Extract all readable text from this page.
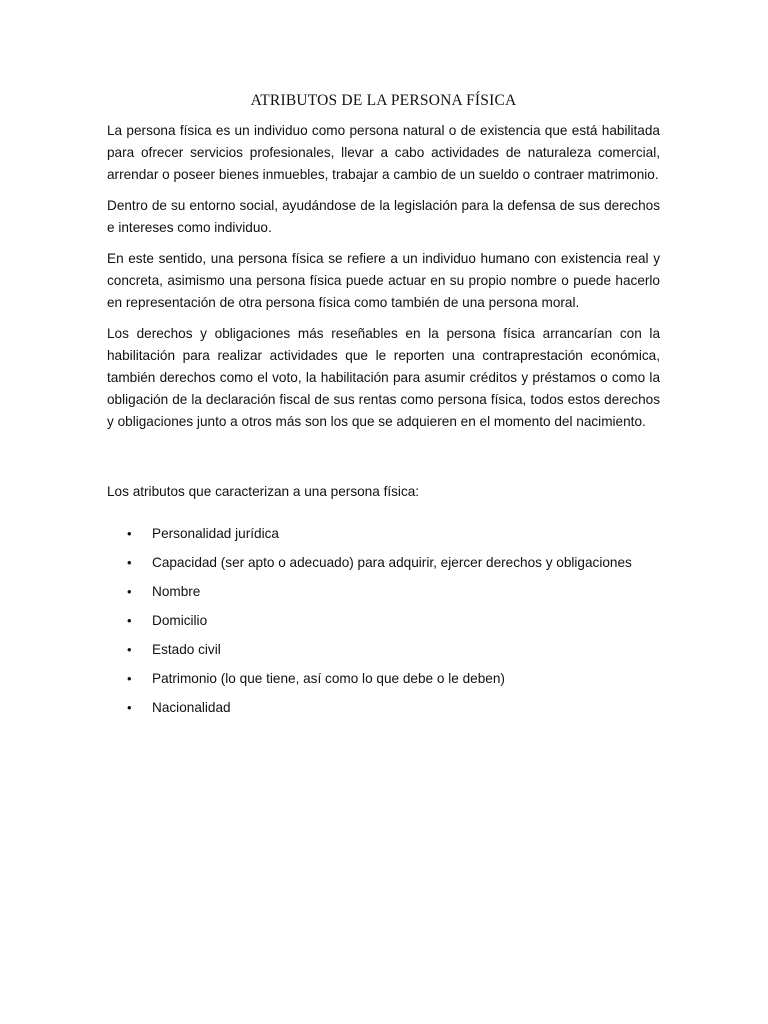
ATRIBUTOS DE LA PERSONA FÍSICA

La persona física es un individuo como persona natural o de existencia que está habilitada para ofrecer servicios profesionales, llevar a cabo actividades de naturaleza comercial, arrendar o poseer bienes inmuebles, trabajar a cambio de un sueldo o contraer matrimonio.

Dentro de su entorno social, ayudándose de la legislación para la defensa de sus derechos e intereses como individuo.

En este sentido, una persona física se refiere a un individuo humano con existencia real y concreta, asimismo una persona física puede actuar en su propio nombre o puede hacerlo en representación de otra persona física como también de una persona moral.

Los derechos y obligaciones más reseñables en la persona física arrancarían con la habilitación para realizar actividades que le reporten una contraprestación económica, también derechos como el voto, la habilitación para asumir créditos y préstamos o como la obligación de la declaración fiscal de sus rentas como persona física, todos estos derechos y obligaciones junto a otros más son los que se adquieren en el momento del nacimiento.

Los atributos que caracterizan a una persona física:

• Personalidad jurídica
• Capacidad (ser apto o adecuado) para adquirir, ejercer derechos y obligaciones
• Nombre
• Domicilio
• Estado civil
• Patrimonio (lo que tiene, así como lo que debe o le deben)
• Nacionalidad
